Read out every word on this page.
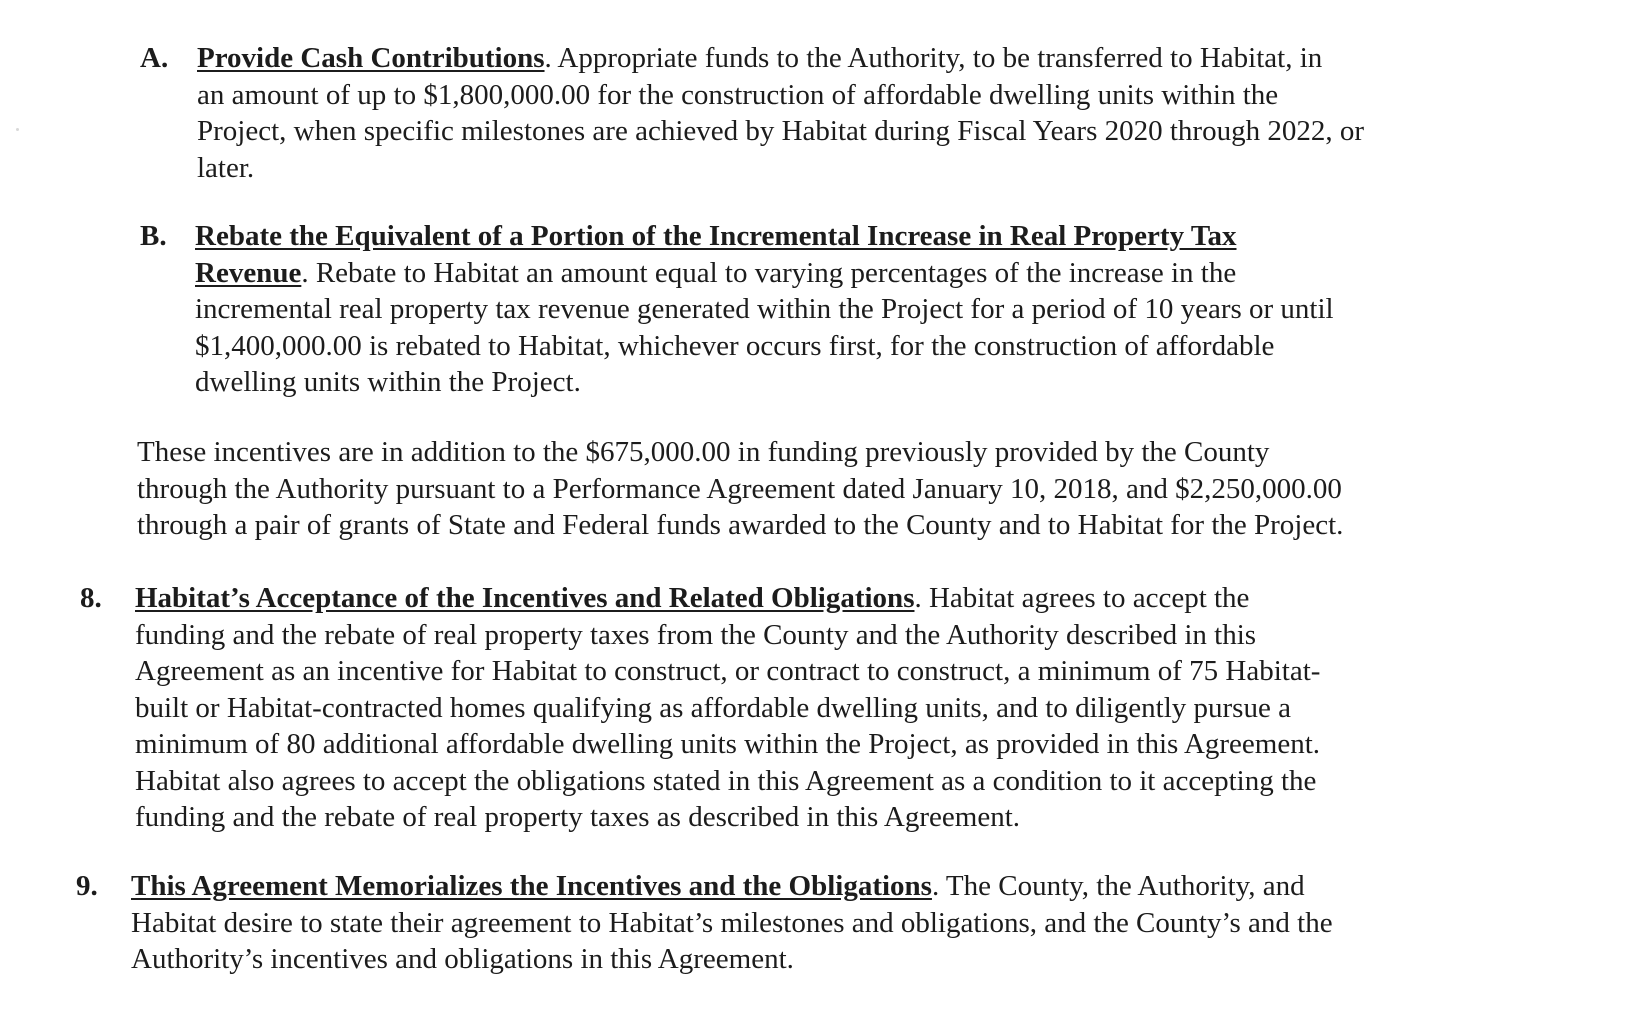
A. Provide Cash Contributions. Appropriate funds to the Authority, to be transferred to Habitat, in
an amount of up to $1,800,000.00 for the construction of affordable dwelling units within the
Project, when specific milestones are achieved by Habitat during Fiscal Years 2020 through 2022, or
later.
B. Rebate the Equivalent of a Portion of the Incremental Increase in Real Property Tax
Revenue. Rebate to Habitat an amount equal to varying percentages of the increase in the
incremental real property tax revenue generated within the Project for a period of 10 years or until
$1,400,000.00 is rebated to Habitat, whichever occurs first, for the construction of affordable
dwelling units within the Project.
These incentives are in addition to the $675,000.00 in funding previously provided by the County
through the Authority pursuant to a Performance Agreement dated January 10, 2018, and $2,250,000.00
through a pair of grants of State and Federal funds awarded to the County and to Habitat for the Project.
8. Habitat’s Acceptance of the Incentives and Related Obligations. Habitat agrees to accept the
funding and the rebate of real property taxes from the County and the Authority described in this
Agreement as an incentive for Habitat to construct, or contract to construct, a minimum of 75 Habitat-
built or Habitat-contracted homes qualifying as affordable dwelling units, and to diligently pursue a
minimum of 80 additional affordable dwelling units within the Project, as provided in this Agreement.
Habitat also agrees to accept the obligations stated in this Agreement as a condition to it accepting the
funding and the rebate of real property taxes as described in this Agreement.
9. This Agreement Memorializes the Incentives and the Obligations. The County, the Authority, and
Habitat desire to state their agreement to Habitat’s milestones and obligations, and the County’s and the
Authority’s incentives and obligations in this Agreement.
